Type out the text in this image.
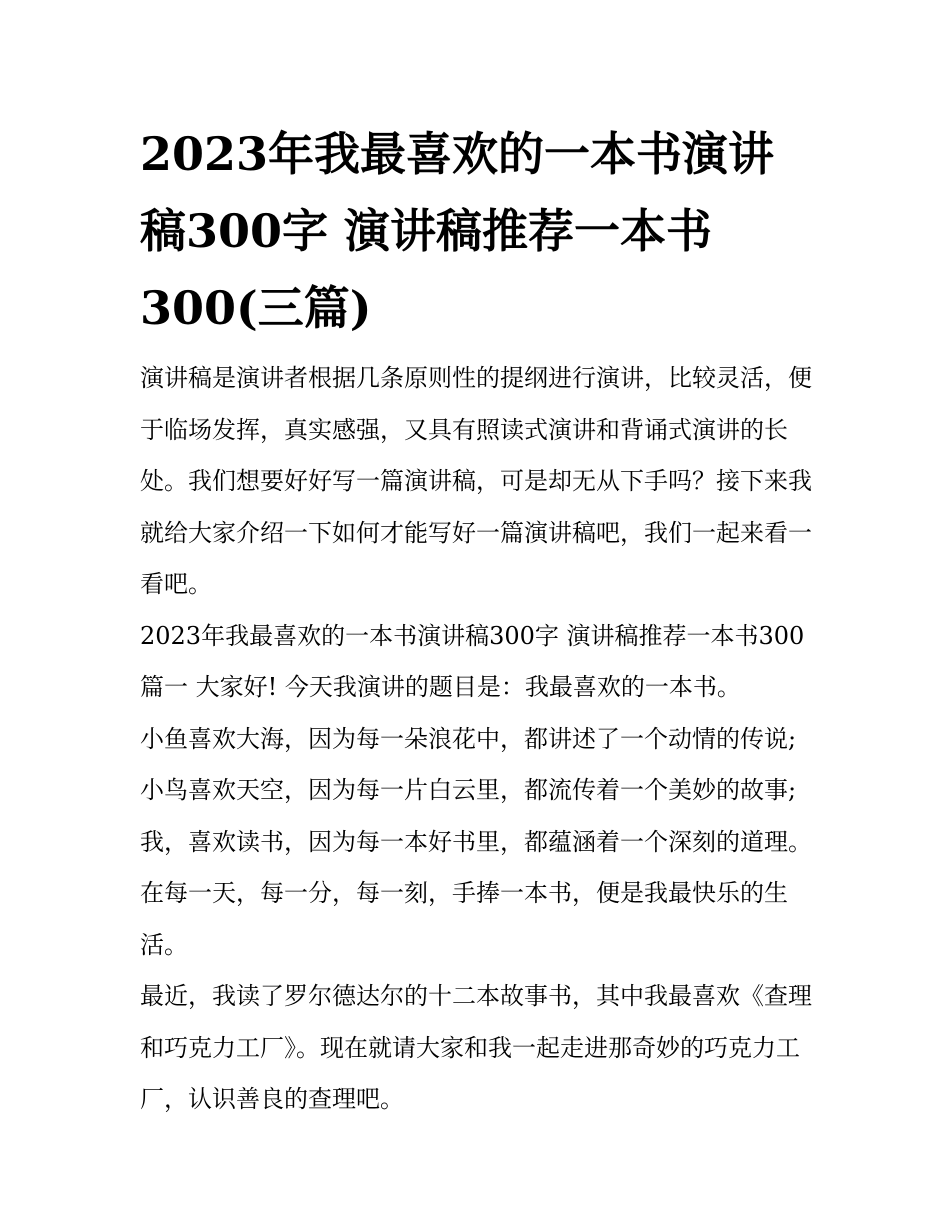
2023年我最喜欢的一本书演讲稿300字 演讲稿推荐一本书300(三篇)

演讲稿是演讲者根据几条原则性的提纲进行演讲，比较灵活，便于临场发挥，真实感强，又具有照读式演讲和背诵式演讲的长处。我们想要好好写一篇演讲稿，可是却无从下手吗？接下来我就给大家介绍一下如何才能写好一篇演讲稿吧，我们一起来看一看吧。

2023年我最喜欢的一本书演讲稿300字 演讲稿推荐一本书300篇一 大家好! 今天我演讲的题目是：我最喜欢的一本书。

小鱼喜欢大海，因为每一朵浪花中，都讲述了一个动情的传说;小鸟喜欢天空，因为每一片白云里，都流传着一个美妙的故事;我，喜欢读书，因为每一本好书里，都蕴涵着一个深刻的道理。在每一天，每一分，每一刻，手捧一本书，便是我最快乐的生活。

最近，我读了罗尔德达尔的十二本故事书，其中我最喜欢《查理和巧克力工厂》。现在就请大家和我一起走进那奇妙的巧克力工厂，认识善良的查理吧。
